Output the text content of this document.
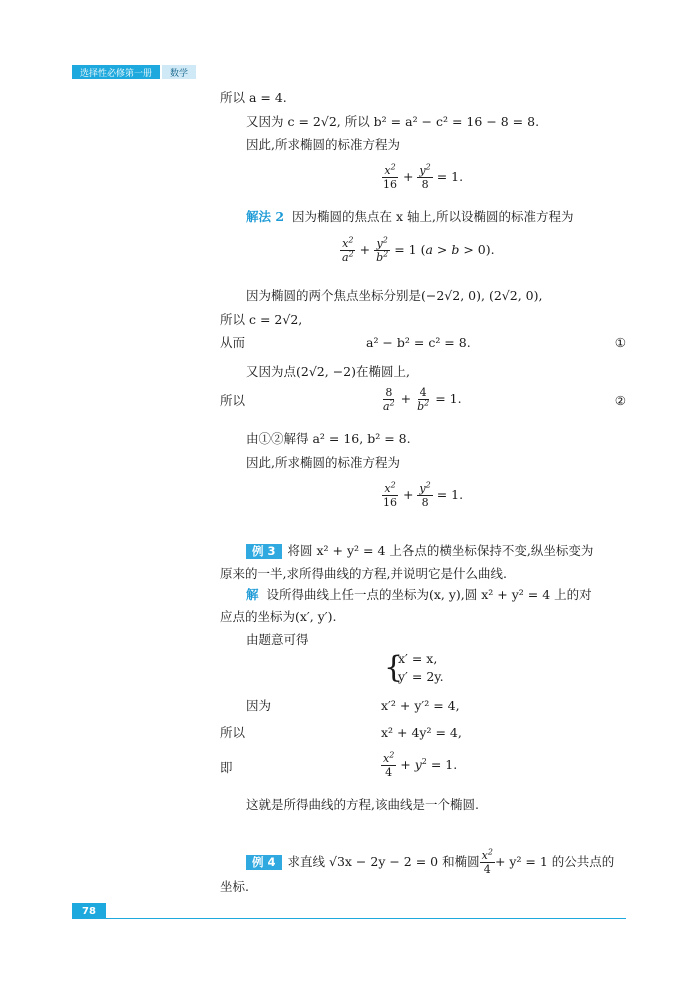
选择性必修第一册	数学
所以 a = 4.
又因为 c = 2√2, 所以 b² = a² − c² = 16 − 8 = 8.
因此,所求椭圆的标准方程为
$\frac{x^2}{16} + \frac{y^2}{8} = 1$.
解法 2 因为椭圆的焦点在 x 轴上,所以设椭圆的标准方程为
$\frac{x^2}{a^2} + \frac{y^2}{b^2} = 1$ (a > b > 0).
因为椭圆的两个焦点坐标分别是(−2√2, 0), (2√2, 0),
所以 c = 2√2,
从而	a² − b² = c² = 8.	①
又因为点(2√2, −2)在椭圆上,
所以	$\frac{8}{a^2} + \frac{4}{b^2} = 1$.	②
由①②解得 a² = 16, b² = 8.
因此,所求椭圆的标准方程为
$\frac{x^2}{16} + \frac{y^2}{8} = 1$.
例 3 将圆 x² + y² = 4 上各点的横坐标保持不变,纵坐标变为
原来的一半,求所得曲线的方程,并说明它是什么曲线.
解 设所得曲线上任一点的坐标为(x, y),圆 x² + y² = 4 上的对
应点的坐标为(x′, y′).
由题意可得
{
x′ = x,
y′ = 2y.
因为	x′² + y′² = 4,
所以	x² + 4y² = 4,
即	$\frac{x^2}{4} + y^2 = 1$.
这就是所得曲线的方程,该曲线是一个椭圆.
例 4 求直线 √3x − 2y − 2 = 0 和椭圆 $\frac{x^2}{4} + y^2 = 1$ 的公共点的
坐标.
78
